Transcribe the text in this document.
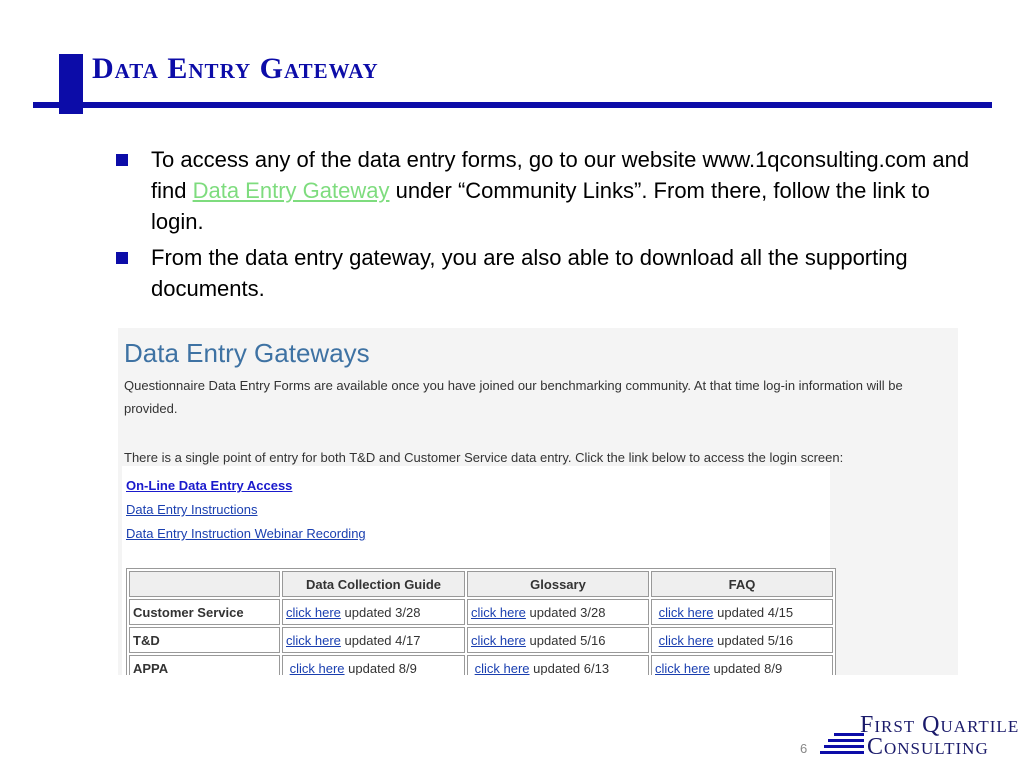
Data Entry Gateway
To access any of the data entry forms, go to our website www.1qconsulting.com and find Data Entry Gateway under “Community Links”. From there, follow the link to login.
From the data entry gateway, you are also able to download all the supporting documents.
Data Entry Gateways
Questionnaire Data Entry Forms are available once you have joined our benchmarking community. At that time log-in information will be provided.
There is a single point of entry for both T&D and Customer Service data entry. Click the link below to access the login screen:
On-Line Data Entry Access
Data Entry Instructions
Data Entry Instruction Webinar Recording
	Data Collection Guide	Glossary	FAQ
Customer Service	click here updated 3/28	click here updated 3/28	click here updated 4/15
T&D	click here updated 4/17	click here updated 5/16	click here updated 5/16
APPA	click here updated 8/9	click here updated 6/13	click here updated 8/9
6
First Quartile
Consulting
